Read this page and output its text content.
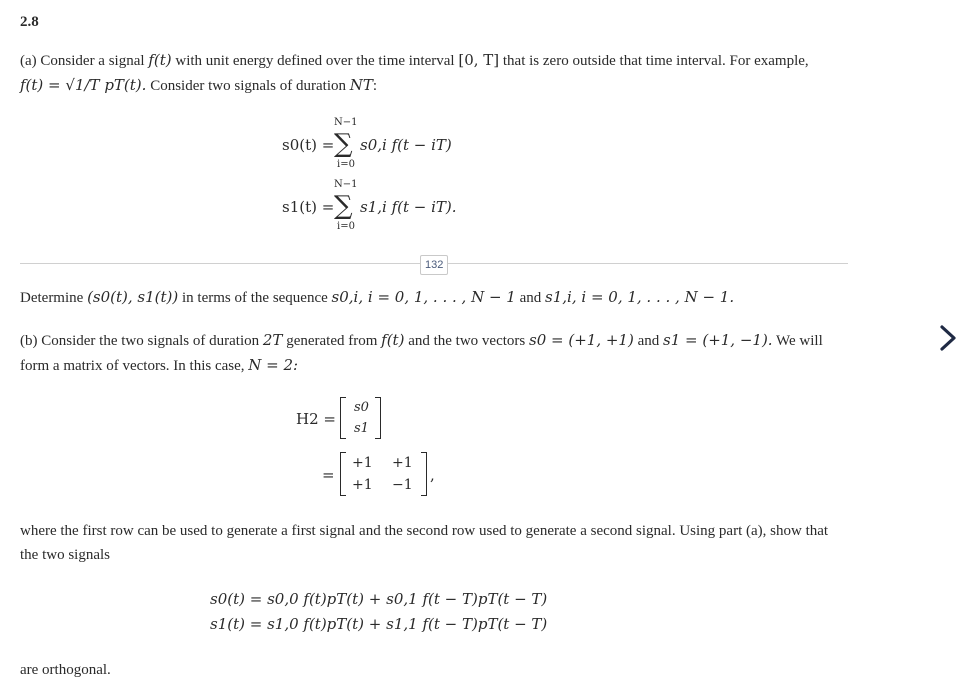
2.8
(a) Consider a signal f(t) with unit energy defined over the time interval [0, T] that is zero outside that time interval. For example,
f(t) = √1/T pT(t). Consider two signals of duration NT:
s0(t) =
N−1
∑
i=0
s0,i f(t − iT)
s1(t) =
N−1
∑
i=0
s1,i f(t − iT).
132
Determine (s0(t), s1(t)) in terms of the sequence s0,i, i = 0, 1, . . . , N − 1 and s1,i, i = 0, 1, . . . , N − 1.
(b) Consider the two signals of duration 2T generated from f(t) and the two vectors s0 = (+1, +1) and s1 = (+1, −1). We will
form a matrix of vectors. In this case, N = 2:
H2 =
s0
s1
=
+1 +1
+1 −1
,
where the first row can be used to generate a first signal and the second row used to generate a second signal. Using part (a), show that
the two signals
s0(t) = s0,0 f(t)pT(t) + s0,1 f(t − T)pT(t − T)
s1(t) = s1,0 f(t)pT(t) + s1,1 f(t − T)pT(t − T)
are orthogonal.
